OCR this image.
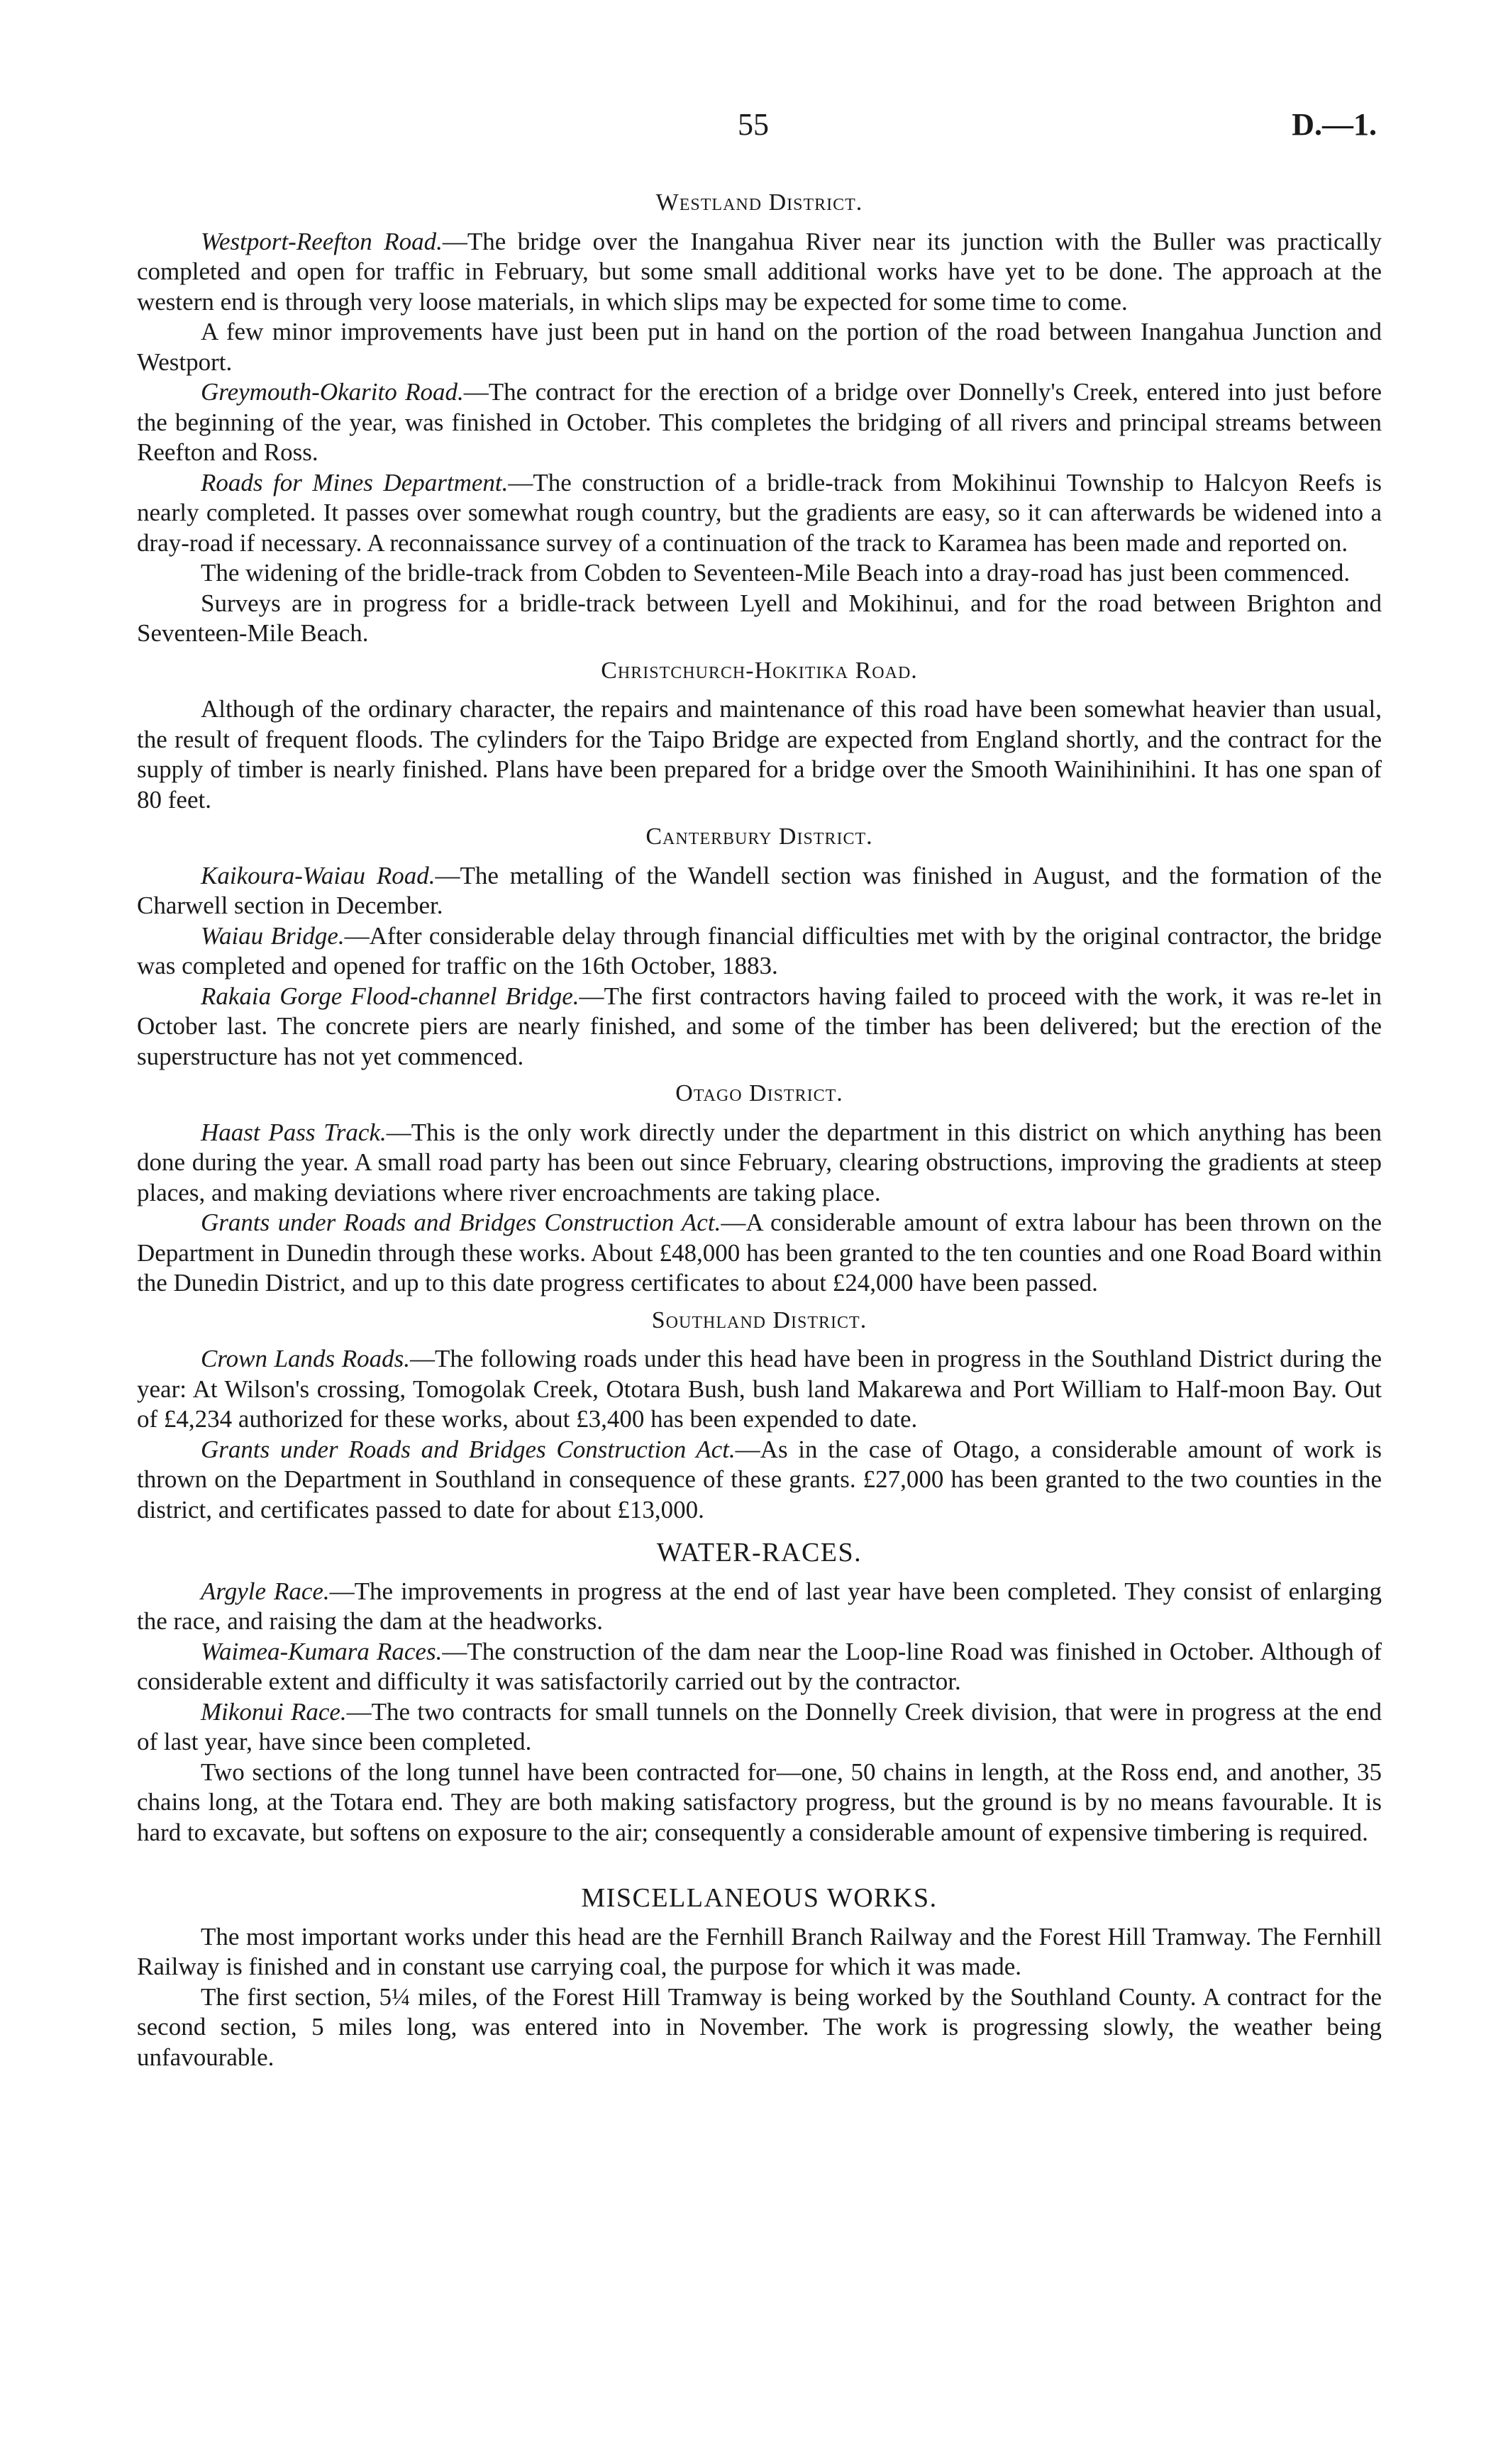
55	D.—1.
Westland District.

Westport-Reefton Road.—The bridge over the Inangahua River near its junction with the Buller was practically completed and open for traffic in February, but some small additional works have yet to be done. The approach at the western end is through very loose materials, in which slips may be expected for some time to come.

A few minor improvements have just been put in hand on the portion of the road between Inangahua Junction and Westport.

Greymouth-Okarito Road.—The contract for the erection of a bridge over Donnelly's Creek, entered into just before the beginning of the year, was finished in October. This completes the bridging of all rivers and principal streams between Reefton and Ross.

Roads for Mines Department.—The construction of a bridle-track from Mokihinui Township to Halcyon Reefs is nearly completed. It passes over somewhat rough country, but the gradients are easy, so it can afterwards be widened into a dray-road if necessary. A reconnaissance survey of a continuation of the track to Karamea has been made and reported on.

The widening of the bridle-track from Cobden to Seventeen-Mile Beach into a dray-road has just been commenced.

Surveys are in progress for a bridle-track between Lyell and Mokihinui, and for the road between Brighton and Seventeen-Mile Beach.

Christchurch-Hokitika Road.

Although of the ordinary character, the repairs and maintenance of this road have been somewhat heavier than usual, the result of frequent floods. The cylinders for the Taipo Bridge are expected from England shortly, and the contract for the supply of timber is nearly finished. Plans have been prepared for a bridge over the Smooth Wainihinihini. It has one span of 80 feet.

Canterbury District.

Kaikoura-Waiau Road.—The metalling of the Wandell section was finished in August, and the formation of the Charwell section in December.

Waiau Bridge.—After considerable delay through financial difficulties met with by the original contractor, the bridge was completed and opened for traffic on the 16th October, 1883.

Rakaia Gorge Flood-channel Bridge.—The first contractors having failed to proceed with the work, it was re-let in October last. The concrete piers are nearly finished, and some of the timber has been delivered; but the erection of the superstructure has not yet commenced.

Otago District.

Haast Pass Track.—This is the only work directly under the department in this district on which anything has been done during the year. A small road party has been out since February, clearing obstructions, improving the gradients at steep places, and making deviations where river encroachments are taking place.

Grants under Roads and Bridges Construction Act.—A considerable amount of extra labour has been thrown on the Department in Dunedin through these works. About £48,000 has been granted to the ten counties and one Road Board within the Dunedin District, and up to this date progress certificates to about £24,000 have been passed.

Southland District.

Crown Lands Roads.—The following roads under this head have been in progress in the Southland District during the year: At Wilson's crossing, Tomogolak Creek, Ototara Bush, bush land Makarewa and Port William to Half-moon Bay. Out of £4,234 authorized for these works, about £3,400 has been expended to date.

Grants under Roads and Bridges Construction Act.—As in the case of Otago, a considerable amount of work is thrown on the Department in Southland in consequence of these grants. £27,000 has been granted to the two counties in the district, and certificates passed to date for about £13,000.

WATER-RACES.

Argyle Race.—The improvements in progress at the end of last year have been completed. They consist of enlarging the race, and raising the dam at the headworks.

Waimea-Kumara Races.—The construction of the dam near the Loop-line Road was finished in October. Although of considerable extent and difficulty it was satisfactorily carried out by the contractor.

Mikonui Race.—The two contracts for small tunnels on the Donnelly Creek division, that were in progress at the end of last year, have since been completed.

Two sections of the long tunnel have been contracted for—one, 50 chains in length, at the Ross end, and another, 35 chains long, at the Totara end. They are both making satisfactory progress, but the ground is by no means favourable. It is hard to excavate, but softens on exposure to the air; consequently a considerable amount of expensive timbering is required.

MISCELLANEOUS WORKS.

The most important works under this head are the Fernhill Branch Railway and the Forest Hill Tramway. The Fernhill Railway is finished and in constant use carrying coal, the purpose for which it was made.

The first section, 5¼ miles, of the Forest Hill Tramway is being worked by the Southland County. A contract for the second section, 5 miles long, was entered into in November. The work is progressing slowly, the weather being unfavourable.
